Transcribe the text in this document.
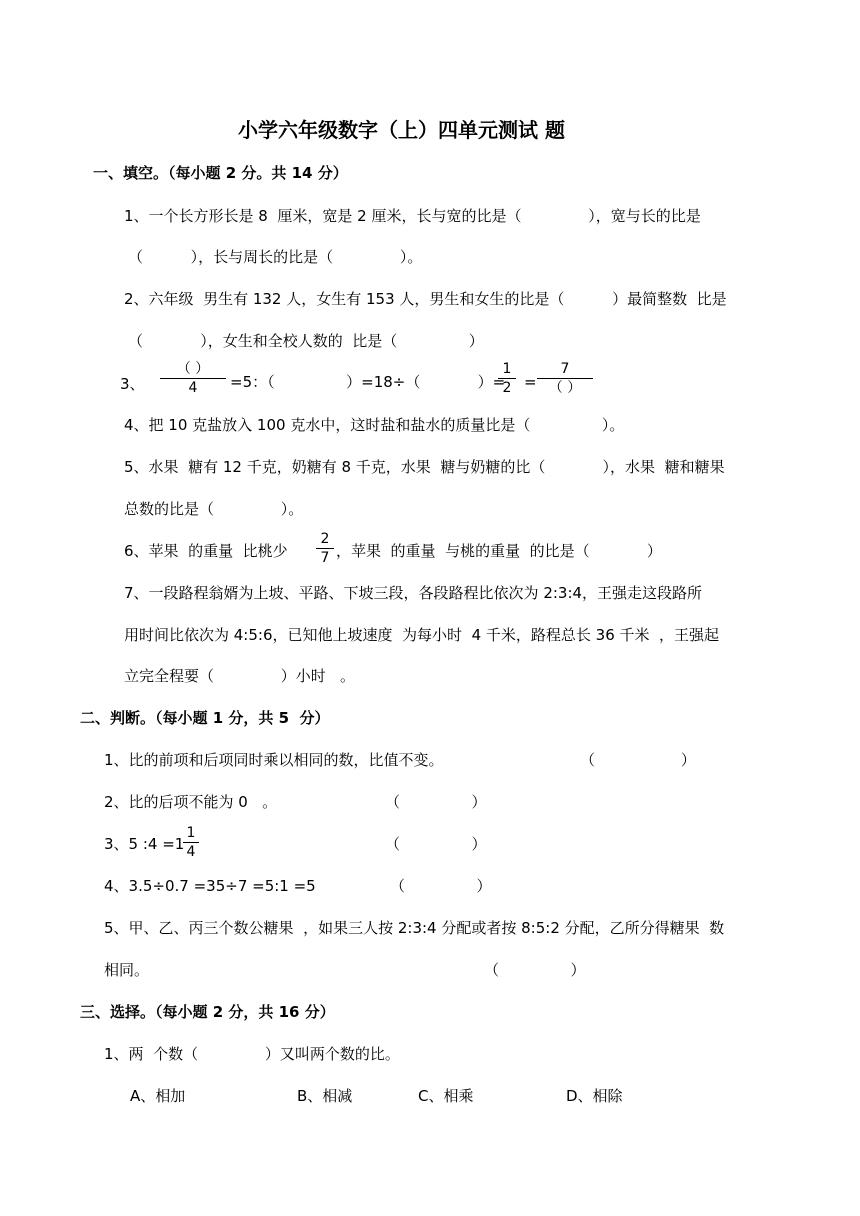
小学六年级数字（上）四单元测试 题
一、填空。（每小题 2 分。共 14 分）
1、一个长方形长是 8  厘米，宽是 2 厘米，长与宽的比是（              ），宽与长的比是
（          ），长与周长的比是（              ）。
2、六年级  男生有 132 人，女生有 153 人，男生和女生的比是（          ）最简整数  比是
（            ），女生和全校人数的  比是（               ）
3、
（ ）
4	=5：（               ）=18÷（            ）=
1
2 =
7
（ ）
4、把 10 克盐放入 100 克水中，这时盐和盐水的质量比是（               ）。
5、水果  糖有 12 千克，奶糖有 8 千克，水果  糖与奶糖的比（            ），水果  糖和糖果
总数的比是（              ）。
6、苹果  的重量  比桃少
2
7 ，苹果  的重量  与桃的重量  的比是（            ）
7、一段路程翁婿为上坡、平路、下坡三段，各段路程比依次为 2:3:4，王强走这段路所
用时间比依次为 4:5:6，已知他上坡速度  为每小时  4 千米，路程总长 36 千米  ，王强起
立完全程要（              ）小时   。
二、判断。（每小题 1 分，共 5  分）
1、比的前项和后项同时乘以相同的数，比值不变。	（                  ）
2、比的后项不能为 0   。	（               ）
3、5 :4 =1
1
4	（               ）
4、3.5÷0.7 =35÷7 =5:1 =5	（               ）
5、甲、乙、丙三个数公糖果  ，如果三人按 2:3:4 分配或者按 8:5:2 分配，乙所分得糖果  数
相同。	（               ）
三、选择。（每小题 2 分，共 16 分）
1、两  个数（              ）又叫两个数的比。
A、相加	B、相减	C、相乘	D、相除
